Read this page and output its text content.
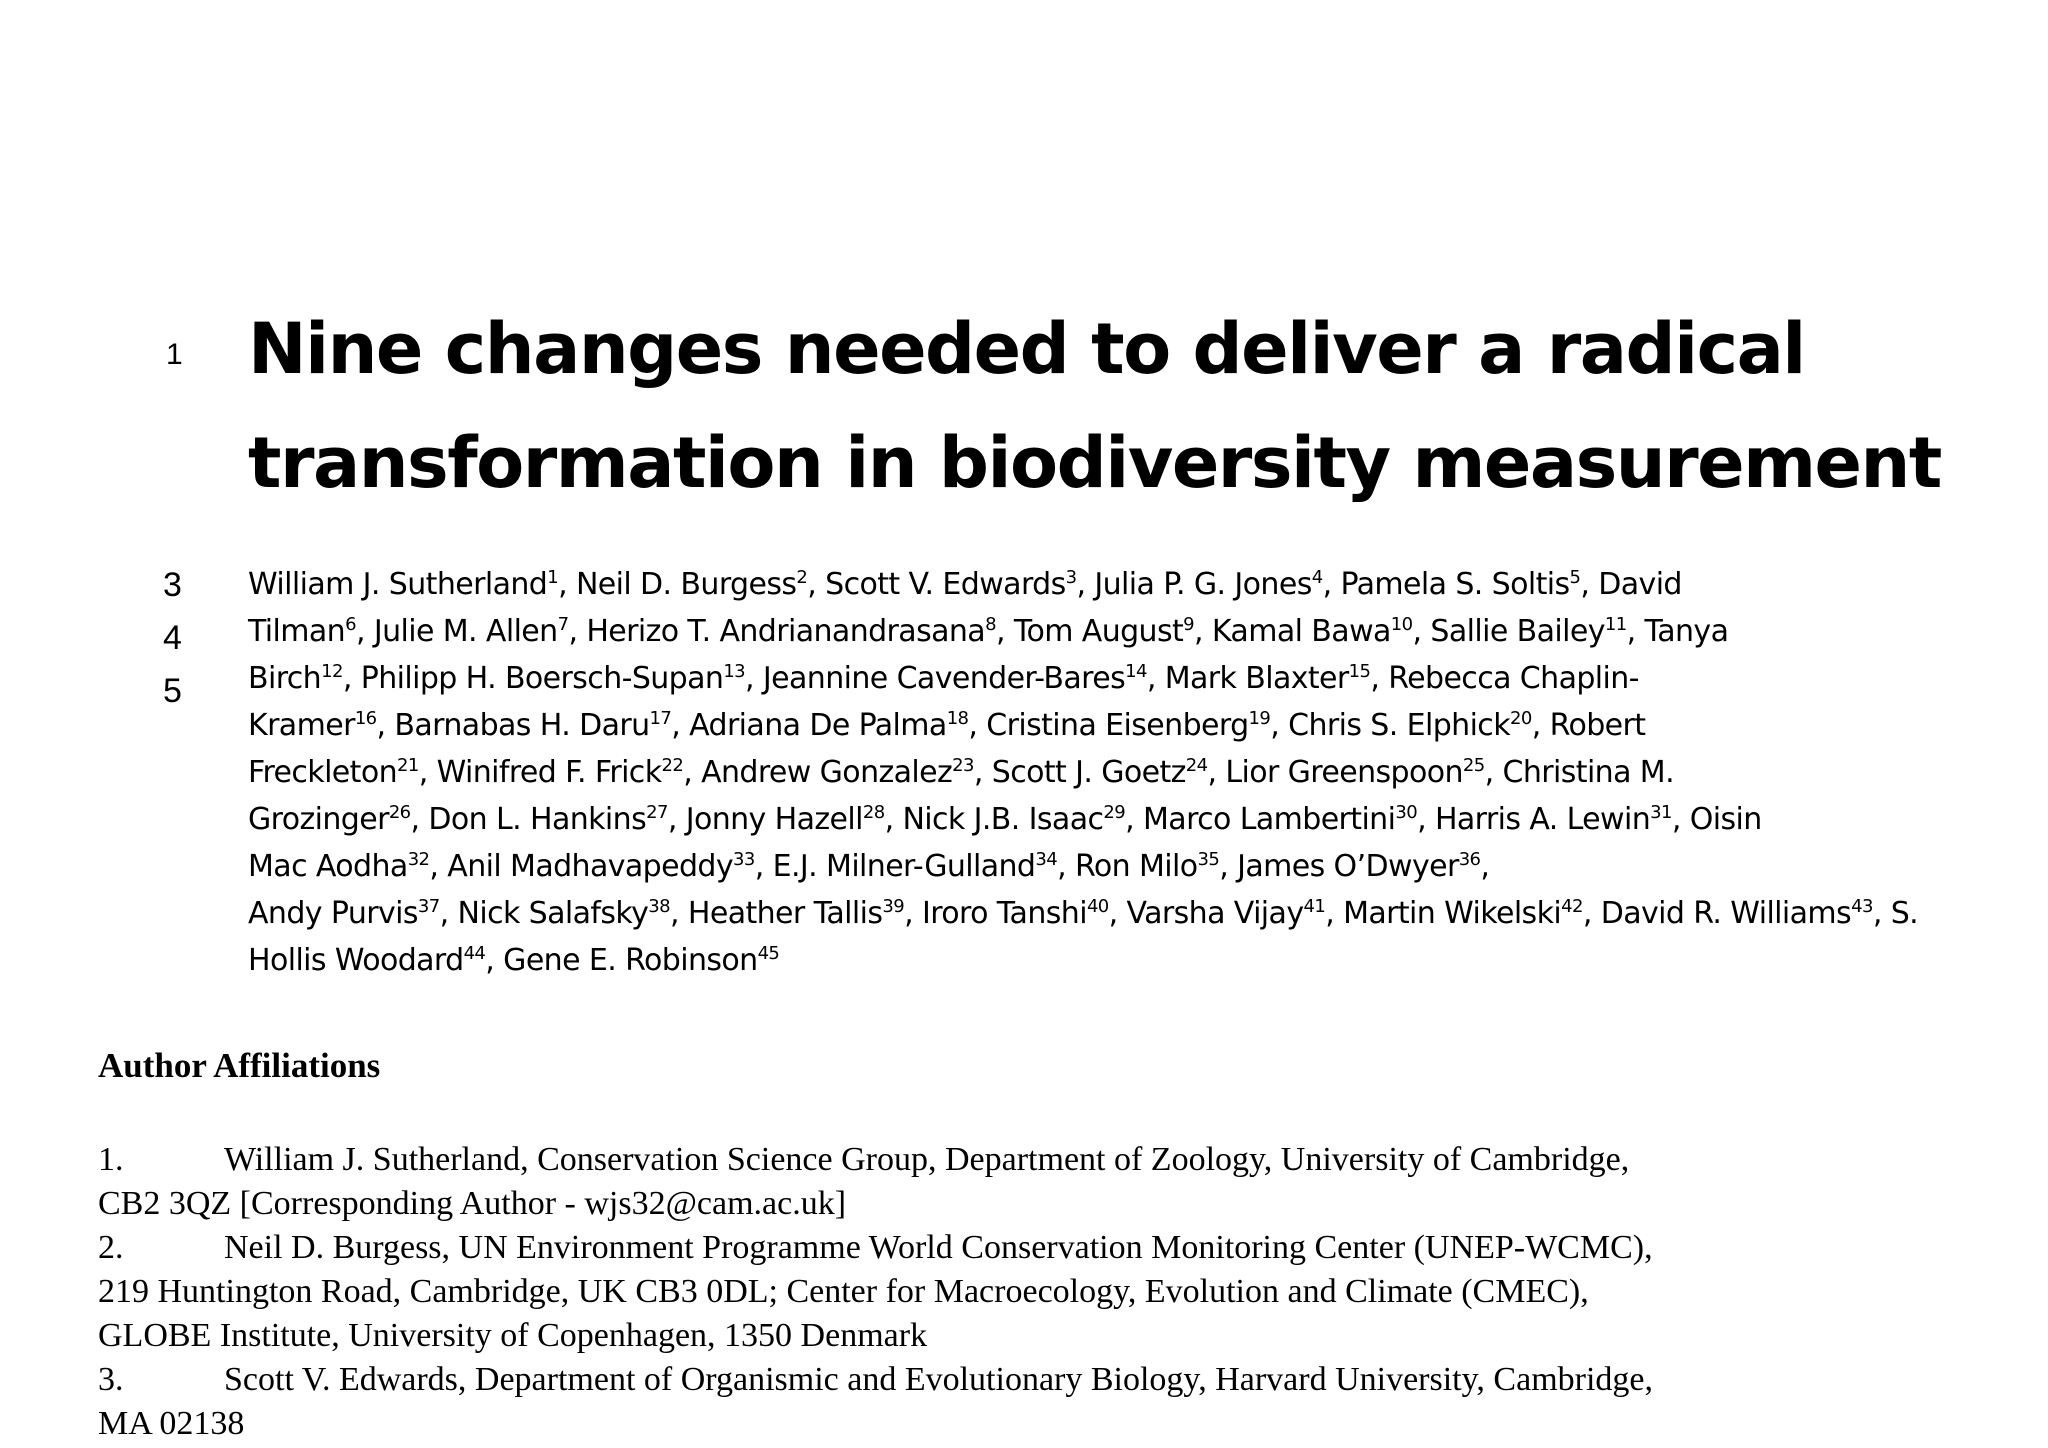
1 Nine changes needed to deliver a radical
transformation in biodiversity measurement
3
4
5
William J. Sutherland$^1$, Neil D. Burgess$^2$, Scott V. Edwards$^3$, Julia P. G. Jones$^4$, Pamela S. Soltis$^5$, David
Tilman$^6$, Julie M. Allen$^7$, Herizo T. Andrianandrasana$^8$, Tom August$^9$, Kamal Bawa$^{10}$, Sallie Bailey$^{11}$, Tanya
Birch$^{12}$, Philipp H. Boersch-Supan$^{13}$, Jeannine Cavender-Bares$^{14}$, Mark Blaxter$^{15}$, Rebecca Chaplin-
Kramer$^{16}$, Barnabas H. Daru$^{17}$, Adriana De Palma$^{18}$, Cristina Eisenberg$^{19}$, Chris S. Elphick$^{20}$, Robert
Freckleton$^{21}$, Winifred F. Frick$^{22}$, Andrew Gonzalez$^{23}$, Scott J. Goetz$^{24}$, Lior Greenspoon$^{25}$, Christina M.
Grozinger$^{26}$, Don L. Hankins$^{27}$, Jonny Hazell$^{28}$, Nick J.B. Isaac$^{29}$, Marco Lambertini$^{30}$, Harris A. Lewin$^{31}$, Oisin
Mac Aodha$^{32}$, Anil Madhavapeddy$^{33}$, E.J. Milner-Gulland$^{34}$, Ron Milo$^{35}$, James O’Dwyer$^{36}$,
Andy Purvis$^{37}$, Nick Salafsky$^{38}$, Heather Tallis$^{39}$, Iroro Tanshi$^{40}$, Varsha Vijay$^{41}$, Martin Wikelski$^{42}$, David R. Williams$^{43}$, S.
Hollis Woodard$^{44}$, Gene E. Robinson$^{45}$
Author Affiliations
1.	William J. Sutherland, Conservation Science Group, Department of Zoology, University of Cambridge,
CB2 3QZ [Corresponding Author - wjs32@cam.ac.uk]
2.	Neil D. Burgess, UN Environment Programme World Conservation Monitoring Center (UNEP-WCMC),
219 Huntington Road, Cambridge, UK CB3 0DL; Center for Macroecology, Evolution and Climate (CMEC),
GLOBE Institute, University of Copenhagen, 1350 Denmark
3.	Scott V. Edwards, Department of Organismic and Evolutionary Biology, Harvard University, Cambridge,
MA 02138
